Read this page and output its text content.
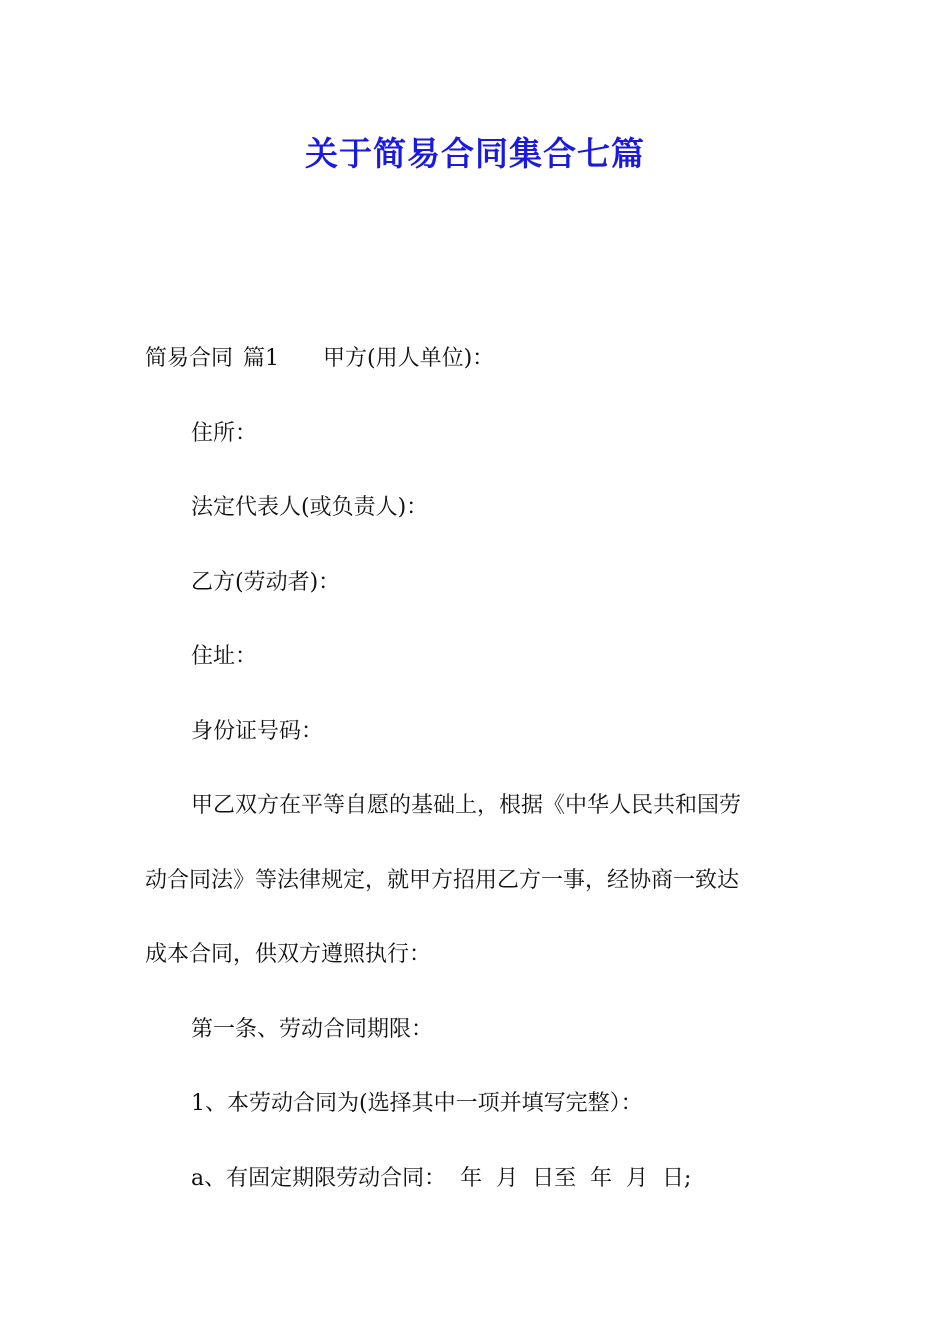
关于简易合同集合七篇
简易合同 篇1 甲方(用人单位)：
住所：
法定代表人(或负责人)：
乙方(劳动者)：
住址：
身份证号码：
甲乙双方在平等自愿的基础上，根据《中华人民共和国劳
动合同法》等法律规定，就甲方招用乙方一事，经协商一致达
成本合同，供双方遵照执行：
第一条、劳动合同期限：
1、本劳动合同为(选择其中一项并填写完整）：
a、有固定期限劳动合同：  年  月  日至  年  月  日;
